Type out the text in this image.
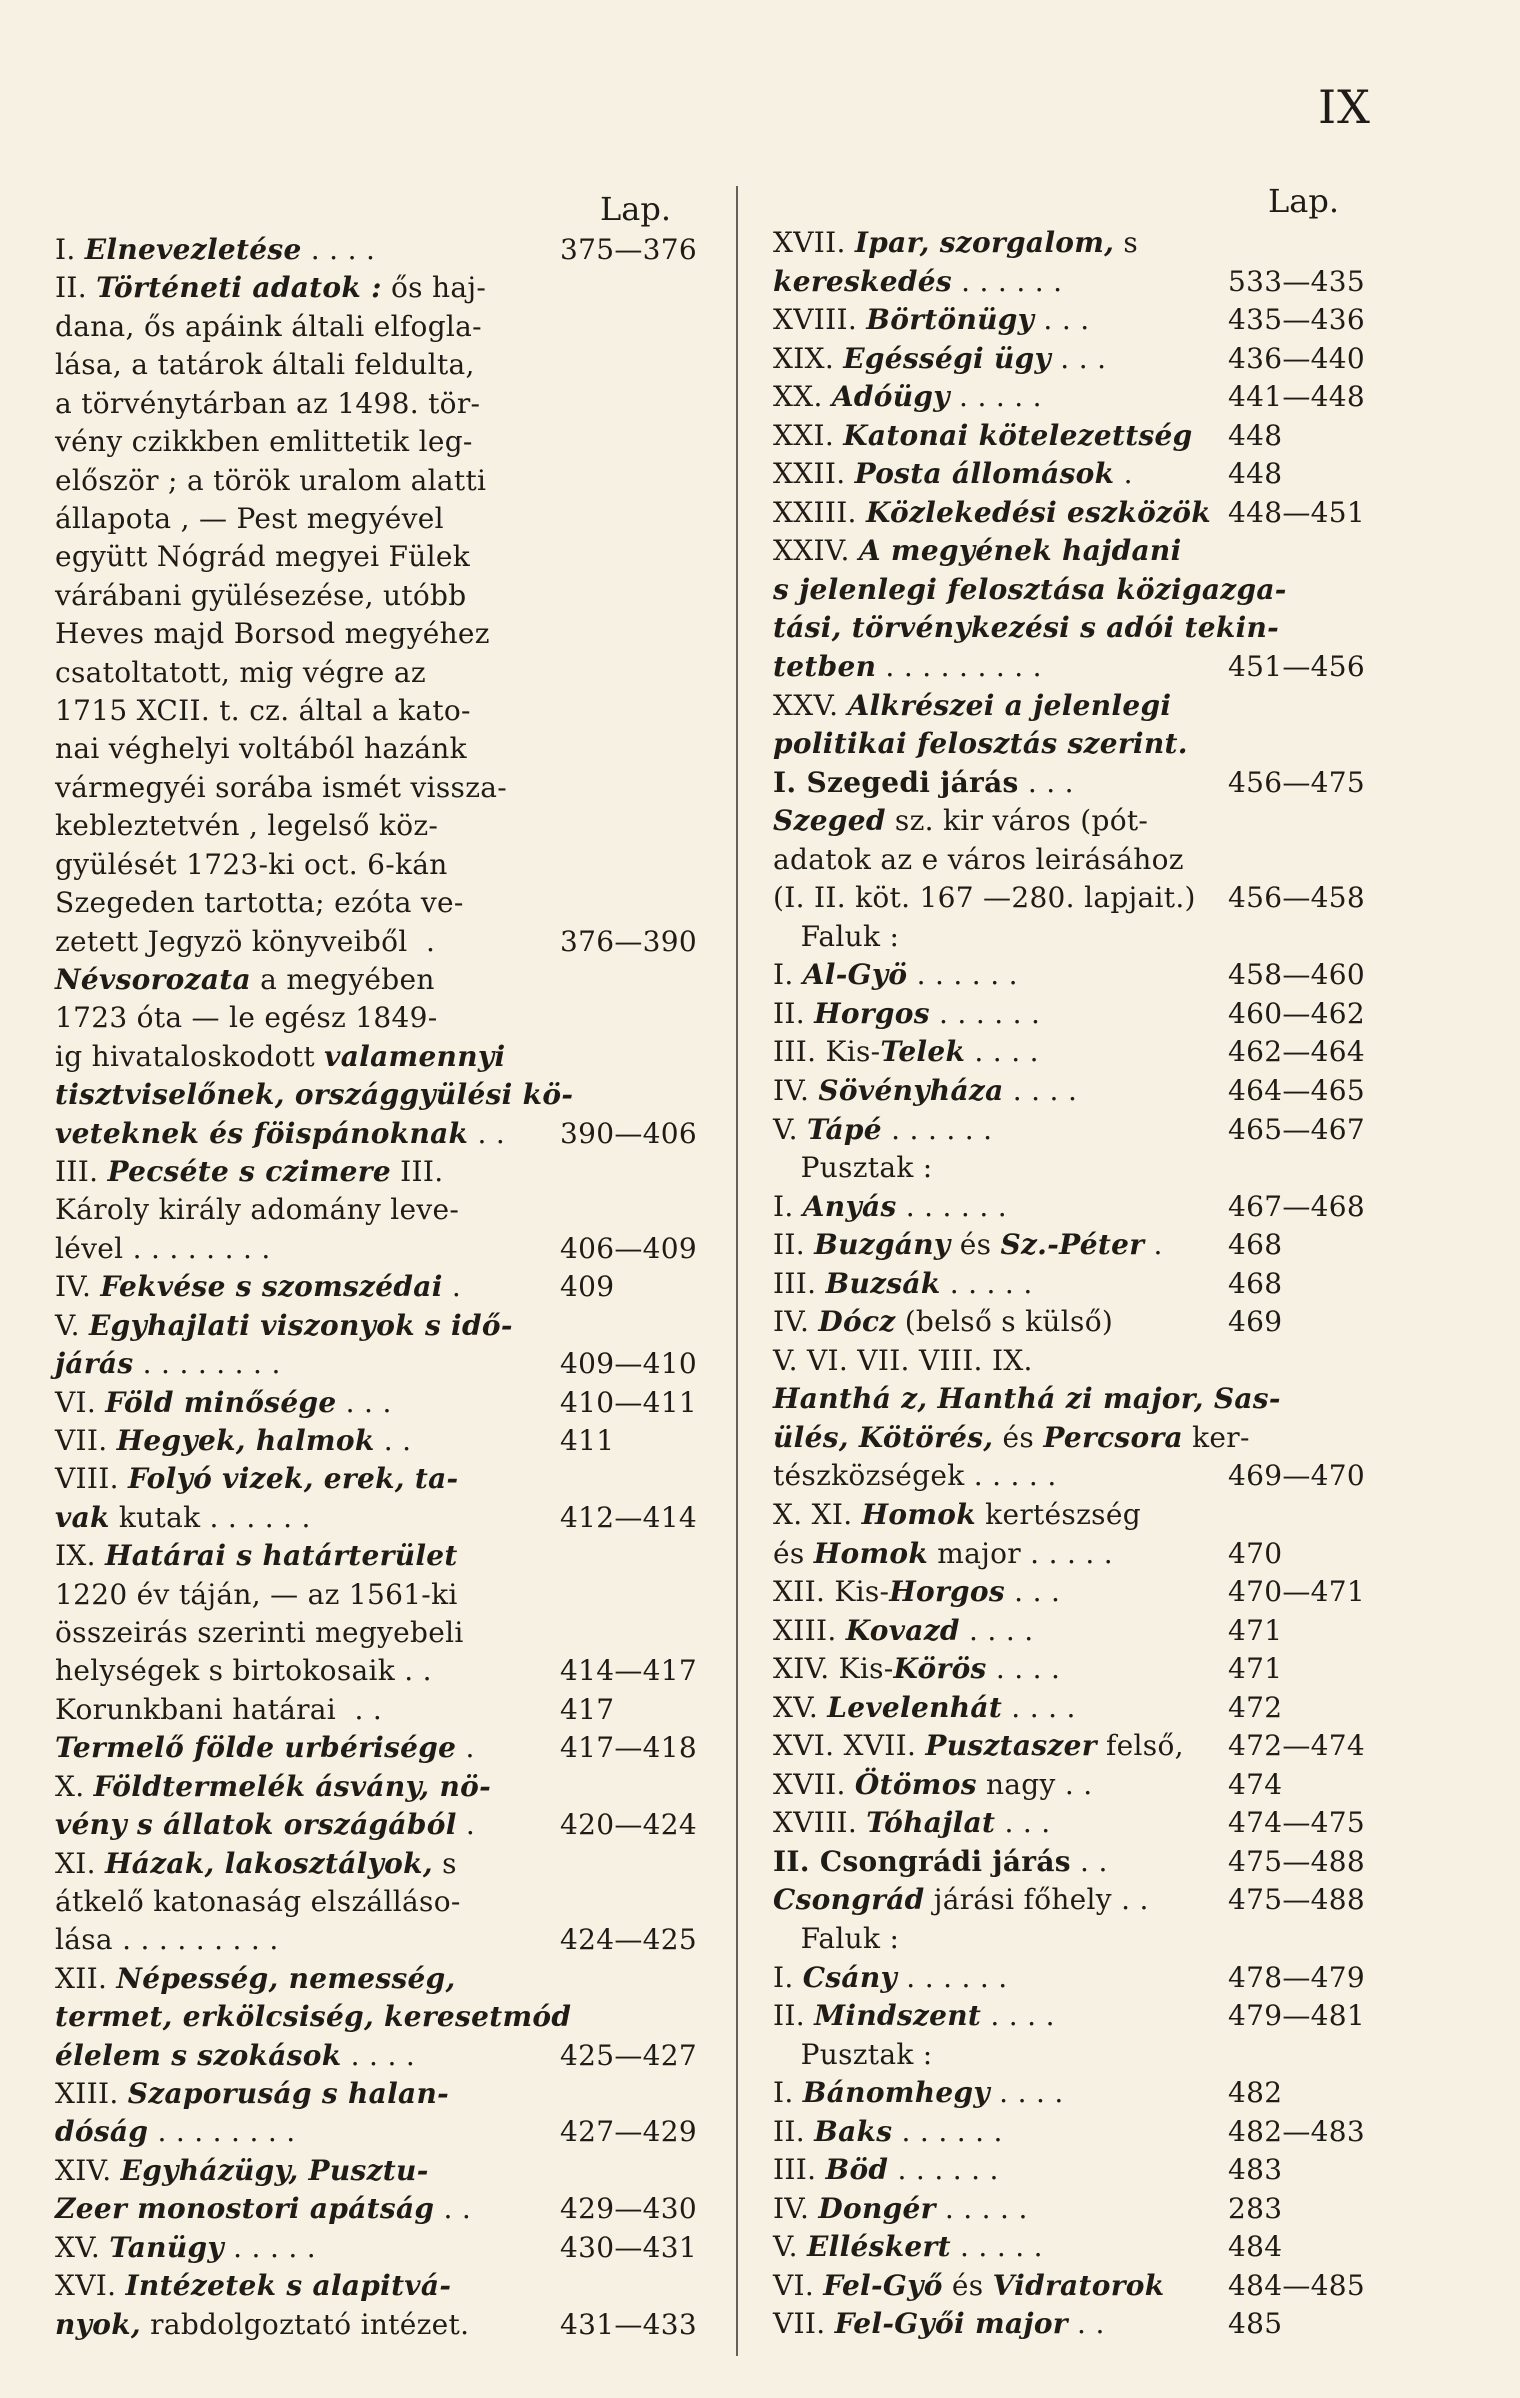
IX
Lap.
I. Elnevezletése . . . .	375—376
II. Történeti adatok : ős haj-
dana, ős apáink általi elfogla-
lása, a tatárok általi feldulta,
a törvénytárban az 1498. tör-
vény czikkben emlittetik leg-
először ; a török uralom alatti
állapota , — Pest megyével
együtt Nógrád megyei Fülek
várábani gyülésezése, utóbb
Heves majd Borsod megyéhez
csatoltatott, mig végre az
1715 XCII. t. cz. által a kato-
nai véghelyi voltából hazánk
vármegyéi sorába ismét vissza-
kebleztetvén , legelső köz-
gyülését 1723-ki oct. 6-kán
Szegeden tartotta; ezóta ve-
zetett Jegyzö könyveiből  .	376—390
Névsorozata a megyében
1723 óta — le egész 1849-
ig hivataloskodott valamennyi
tisztviselőnek, országgyülési kö-
veteknek és föispánoknak . . 390—406
III. Pecséte s czimere III.
Károly király adomány leve-
lével . . . . . . . .	406—409
IV. Fekvése s szomszédai .	409
V. Egyhajlati viszonyok s idő-
járás . . . . . . . .	409—410
VI. Föld minősége . . .	410—411
VII. Hegyek, halmok . .	411
VIII. Folyó vizek, erek, ta-
vak kutak . . . . . .	412—414
IX. Határai s határterület
1220 év táján, — az 1561-ki
összeirás szerinti megyebeli
helységek s birtokosaik . .	414—417
Korunkbani határai  . .	417
Termelő földe urbérisége .	417—418
X. Földtermelék ásvány, nö-
vény s állatok országából .	420—424
XI. Házak, lakosztályok, s
átkelő katonaság elszálláso-
lása . . . . . . . . .	424—425
XII. Népesség, nemesség,
termet, erkölcsiség, keresetmód
élelem s szokások . . . .	425—427
XIII. Szaporuság s halan-
dóság . . . . . . . .	427—429
XIV. Egyházügy, Pusztu-
Zeer monostori apátság . .	429—430
XV. Tanügy . . . . .	430—431
XVI. Intézetek s alapitvá-
nyok, rabdolgoztató intézet.	431—433
Lap.
XVII. Ipar, szorgalom, s
kereskedés . . . . . .	533—435
XVIII. Börtönügy . . .	435—436
XIX. Egésségi ügy . . .	436—440
XX. Adóügy . . . . .	441—448
XXI. Katonai kötelezettség 448
XXII. Posta állomások .	448
XXIII. Közlekedési eszközök 448—451
XXIV. A megyének hajdani
s jelenlegi felosztása közigazga-
tási, törvénykezési s adói tekin-
tetben . . . . . . . . .	451—456
XXV. Alkrészei a jelenlegi
politikai felosztás szerint.
I. Szegedi járás . . .	456—475
Szeged sz. kir város (pót-
adatok az e város leirásához
(I. II. köt. 167 —280. lapjait.) 456—458
Faluk :
I. Al-Gyö . . . . . .	458—460
II. Horgos . . . . . .	460—462
III. Kis-Telek . . . .	462—464
IV. Sövényháza . . . .	464—465
V. Tápé . . . . . .	465—467
Pusztak :
I. Anyás . . . . . .	467—468
II. Buzgány és Sz.-Péter . 468
III. Buzsák . . . . .	468
IV. Dócz (belső s külső)	469
V. VI. VII. VIII. IX.
Hanthá z, Hanthá zi major, Sas-
ülés, Kötörés, és Percsora ker-
tészközségek . . . . .	469—470
X. XI. Homok kertészség
és Homok major . . . . .	470
XII. Kis-Horgos . . .	470—471
XIII. Kovazd . . . .	471
XIV. Kis-Körös . . . .	471
XV. Levelenhát . . . .	472
XVI. XVII. Pusztaszer felső, 472—474
XVII. Ötömos nagy . .	474
XVIII. Tóhajlat . . .	474—475
II. Csongrádi járás . .	475—488
Csongrád járási főhely . .	475—488
Faluk :
I. Csány . . . . . .	478—479
II. Mindszent . . . .	479—481
Pusztak :
I. Bánomhegy . . . .	482
II. Baks . . . . . .	482—483
III. Böd . . . . . .	483
IV. Dongér . . . . .	283
V. Elléskert . . . . .	484
VI. Fel-Győ és Vidratorok 484—485
VII. Fel-Győi major . .	485
